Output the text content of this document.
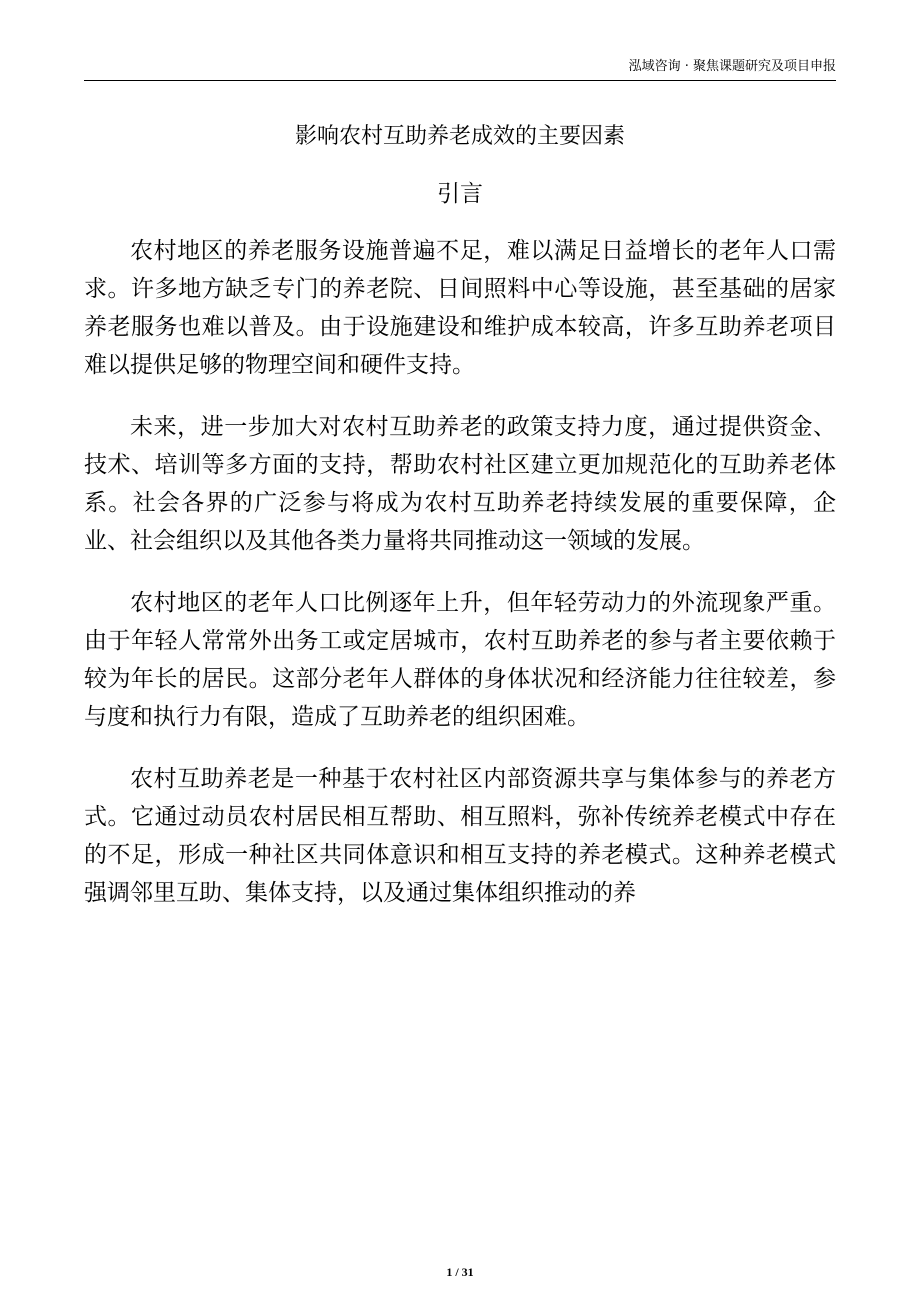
泓域咨询 · 聚焦课题研究及项目申报
影响农村互助养老成效的主要因素
引言

农村地区的养老服务设施普遍不足，难以满足日益增长的老年人口需求。许多地方缺乏专门的养老院、日间照料中心等设施，甚至基础的居家养老服务也难以普及。由于设施建设和维护成本较高，许多互助养老项目难以提供足够的物理空间和硬件支持。

未来，进一步加大对农村互助养老的政策支持力度，通过提供资金、技术、培训等多方面的支持，帮助农村社区建立更加规范化的互助养老体系。社会各界的广泛参与将成为农村互助养老持续发展的重要保障，企业、社会组织以及其他各类力量将共同推动这一领域的发展。

农村地区的老年人口比例逐年上升，但年轻劳动力的外流现象严重。由于年轻人常常外出务工或定居城市，农村互助养老的参与者主要依赖于较为年长的居民。这部分老年人群体的身体状况和经济能力往往较差，参与度和执行力有限，造成了互助养老的组织困难。

农村互助养老是一种基于农村社区内部资源共享与集体参与的养老方式。它通过动员农村居民相互帮助、相互照料，弥补传统养老模式中存在的不足，形成一种社区共同体意识和相互支持的养老模式。这种养老模式强调邻里互助、集体支持，以及通过集体组织推动的养

1 / 31
